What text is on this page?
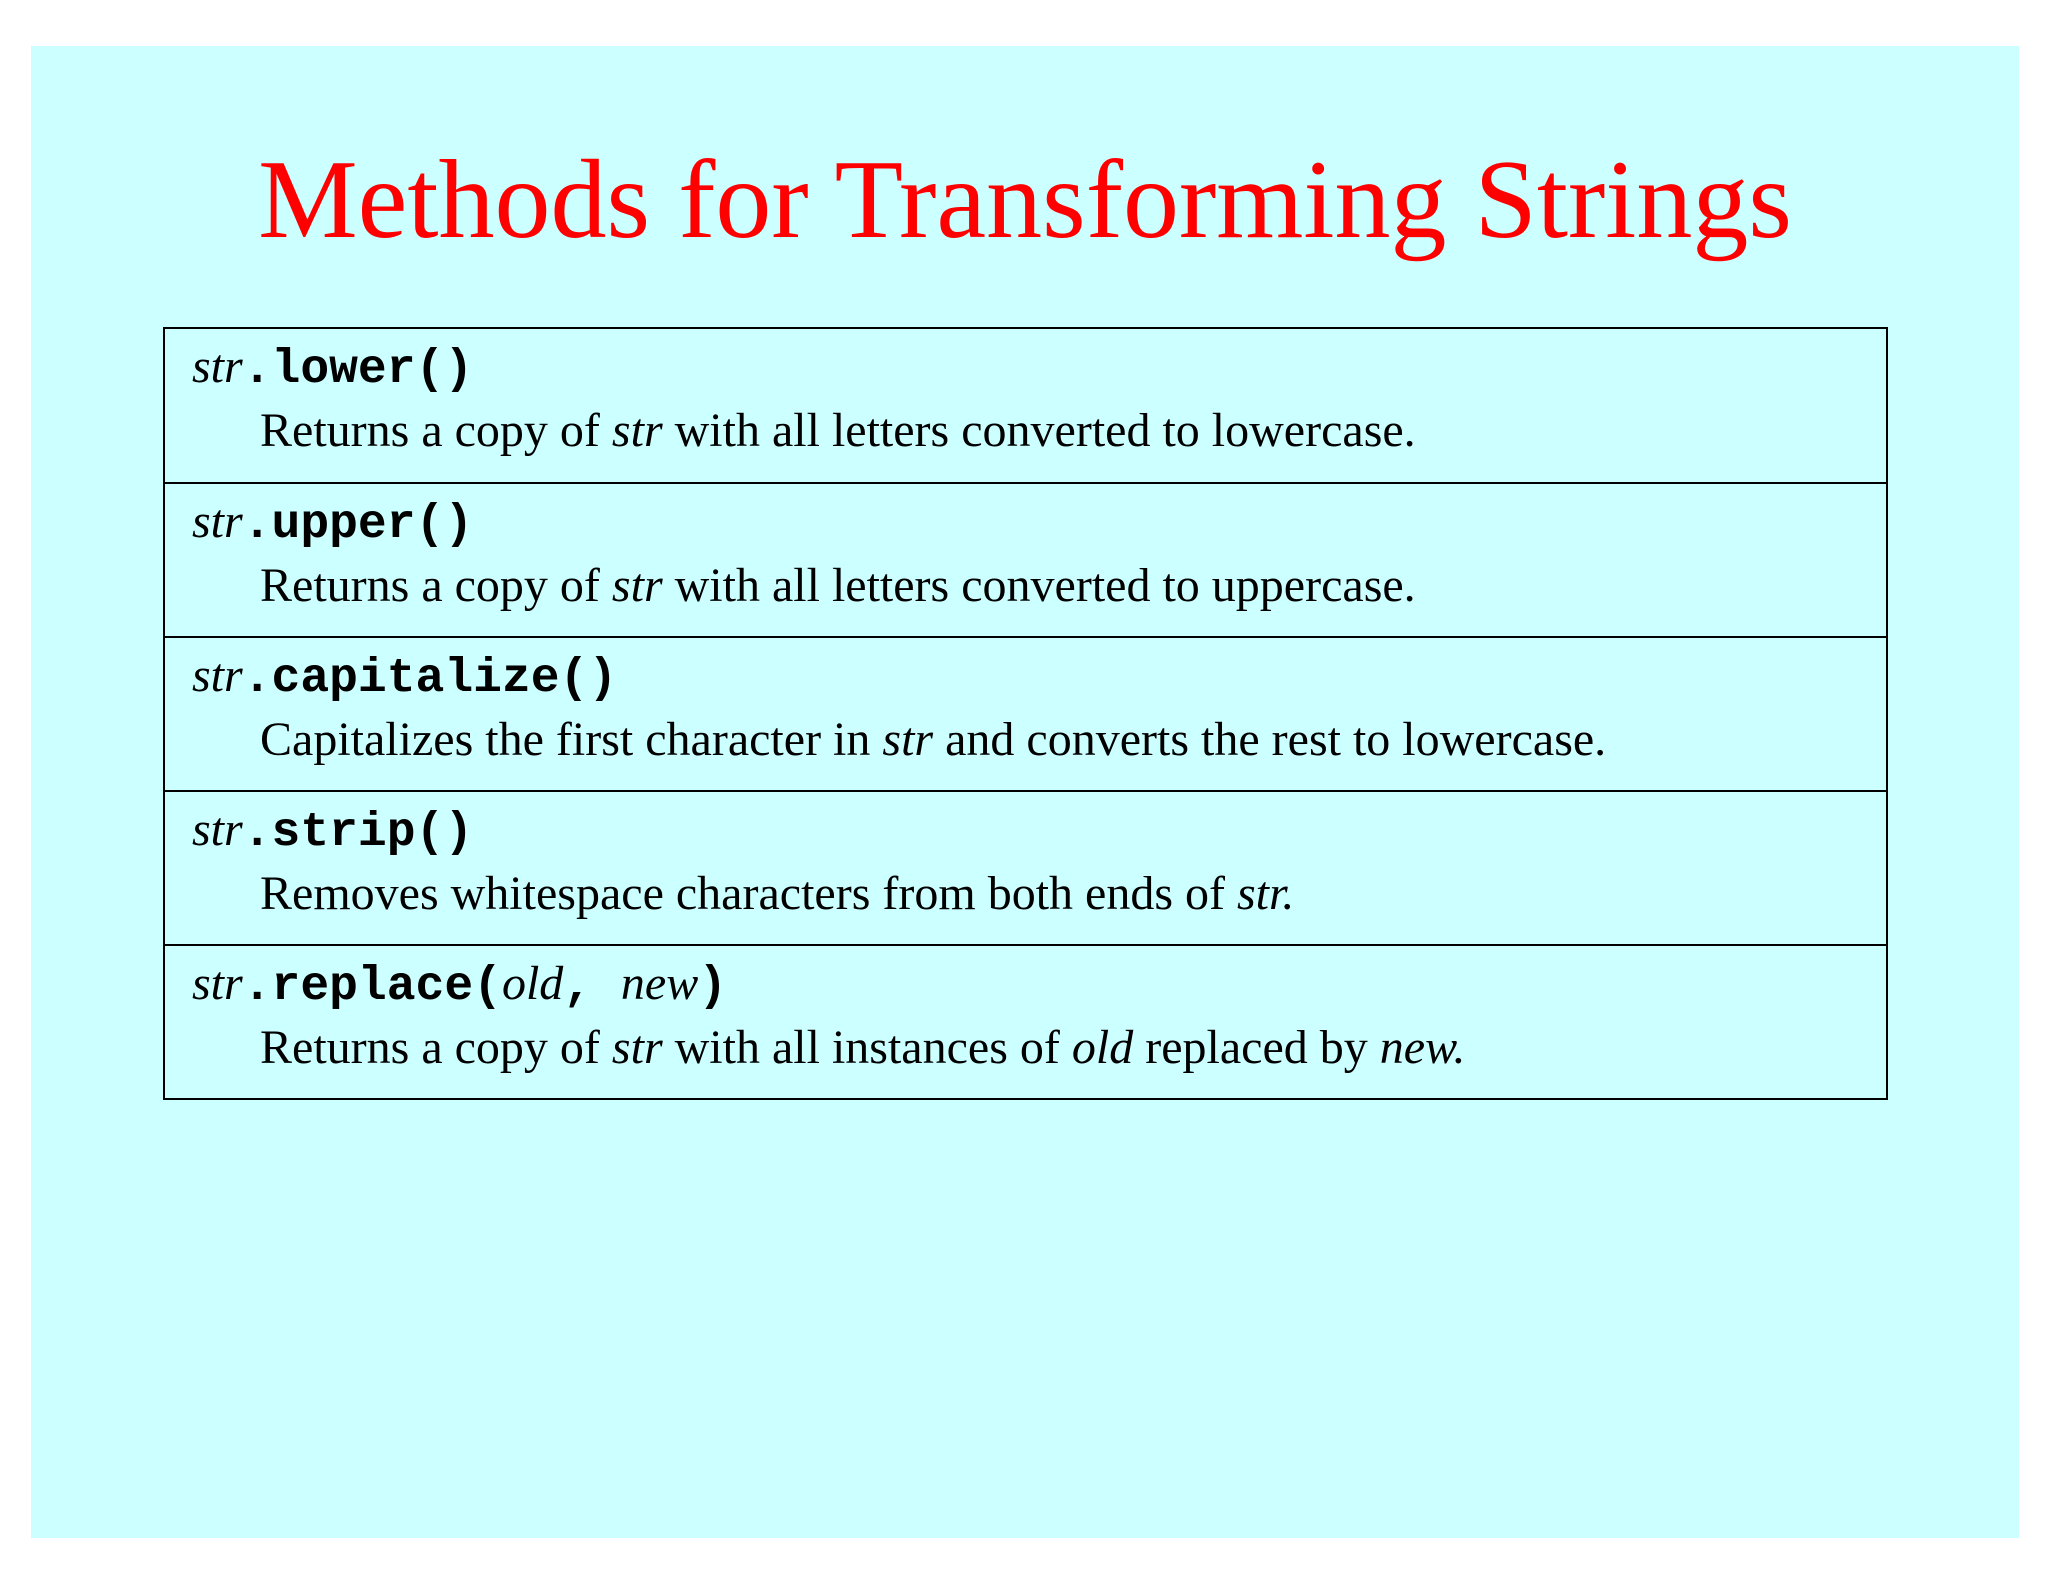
Methods for Transforming Strings
str.lower()
Returns a copy of str with all letters converted to lowercase.
str.upper()
Returns a copy of str with all letters converted to uppercase.
str.capitalize()
Capitalizes the first character in str and converts the rest to lowercase.
str.strip()
Removes whitespace characters from both ends of str.
str.replace(old, new)
Returns a copy of str with all instances of old replaced by new.
